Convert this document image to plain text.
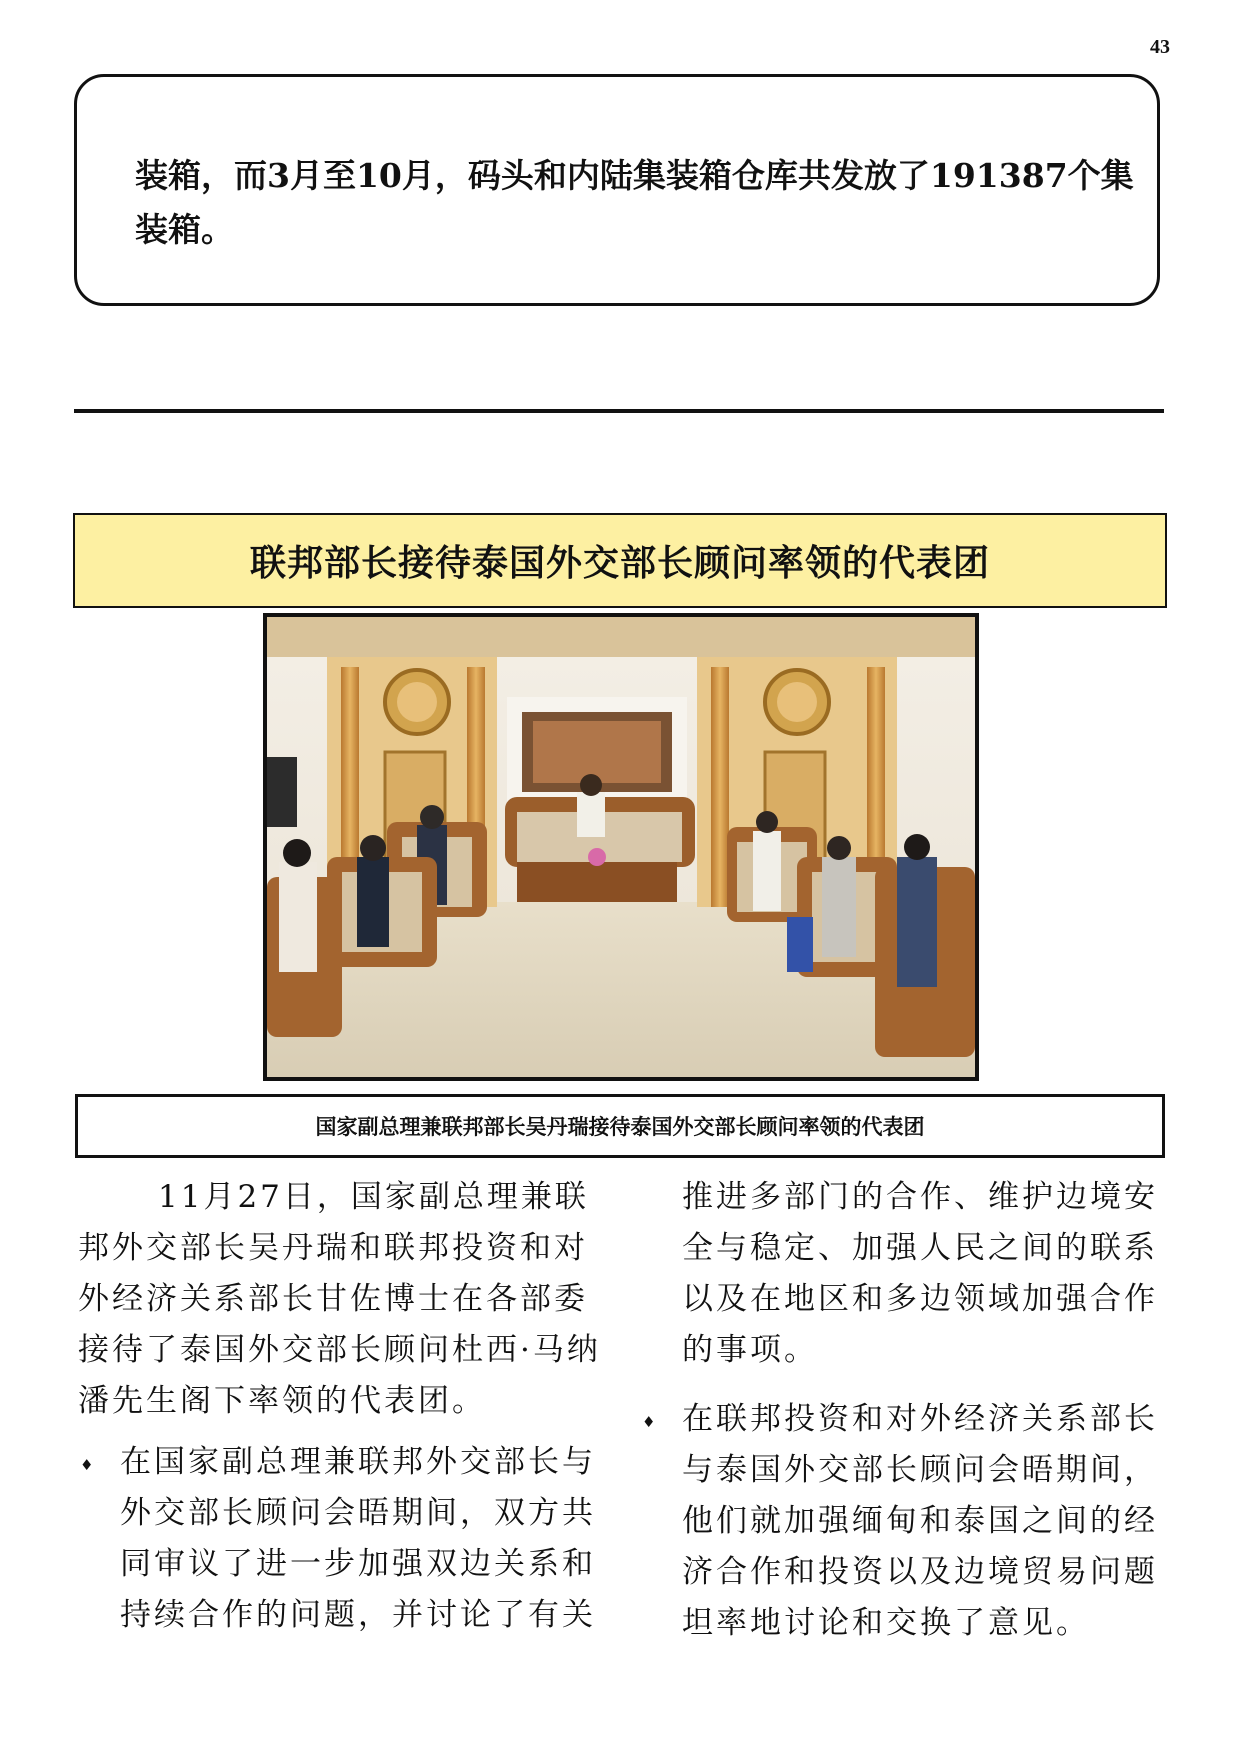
43

装箱，而3月至10月，码头和内陆集装箱仓库共发放了191387个集装箱。

联邦部长接待泰国外交部长顾问率领的代表团
国家副总理兼联邦部长吴丹瑞接待泰国外交部长顾问率领的代表团

11月27日，国家副总理兼联邦外交部长吴丹瑞和联邦投资和对外经济关系部长甘佐博士在各部委接待了泰国外交部长顾问杜西·马纳潘先生阁下率领的代表团。

♦ 在国家副总理兼联邦外交部长与外交部长顾问会晤期间，双方共同审议了进一步加强双边关系和持续合作的问题，并讨论了有关

推进多部门的合作、维护边境安全与稳定、加强人民之间的联系以及在地区和多边领域加强合作的事项。

♦ 在联邦投资和对外经济关系部长与泰国外交部长顾问会晤期间，他们就加强缅甸和泰国之间的经济合作和投资以及边境贸易问题坦率地讨论和交换了意见。
